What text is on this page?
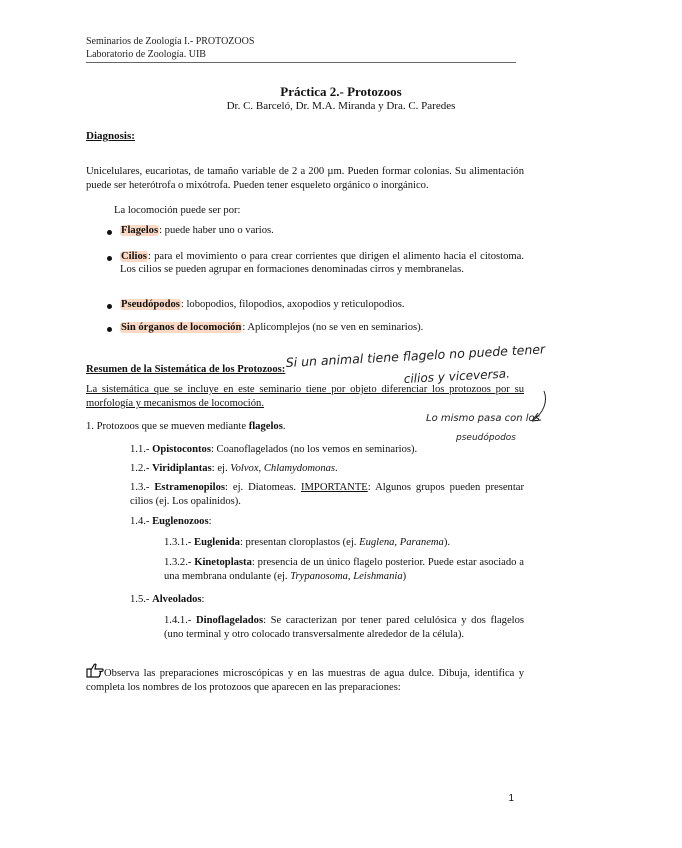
Seminarios de Zoología I.- PROTOZOOS
Laboratorio de Zoología. UIB
Práctica 2.- Protozoos
Dr. C. Barceló, Dr. M.A. Miranda y Dra. C. Paredes
Diagnosis:
Unicelulares, eucariotas, de tamaño variable de 2 a 200 µm. Pueden formar colonias. Su alimentación puede ser heterótrofa o mixótrofa. Pueden tener esqueleto orgánico o inorgánico.
La locomoción puede ser por:
Flagelos: puede haber uno o varios.
Cilios: para el movimiento o para crear corrientes que dirigen el alimento hacia el citostoma. Los cilios se pueden agrupar en formaciones denominadas cirros y membranelas.
Pseudópodos: lobopodios, filopodios, axopodios y reticulopodios.
Sin órganos de locomoción: Aplicomplejos (no se ven en seminarios).
Resumen de la Sistemática de los Protozoos: Si un animal tiene flagelo no puede tener
cilios y viceversa.
Lo mismo pasa con los
pseudópodos
La sistemática que se incluye en este seminario tiene por objeto diferenciar los protozoos por su morfología y mecanismos de locomoción.
1. Protozoos que se mueven mediante flagelos.
1.1.- Opistocontos: Coanoflagelados (no los vemos en seminarios).
1.2.- Viridiplantas: ej. Volvox, Chlamydomonas.
1.3.- Estramenopilos: ej. Diatomeas. IMPORTANTE: Algunos grupos pueden presentar cilios (ej. Los opalínidos).
1.4.- Euglenozoos:
1.3.1.- Euglenida: presentan cloroplastos (ej. Euglena, Paranema).
1.3.2.- Kinetoplasta: presencia de un único flagelo posterior. Puede estar asociado a una membrana ondulante (ej. Trypanosoma, Leishmania)
1.5.- Alveolados:
1.4.1.- Dinoflagelados: Se caracterizan por tener pared celulósica y dos flagelos (uno terminal y otro colocado transversalmente alrededor de la célula).
Observa las preparaciones microscópicas y en las muestras de agua dulce. Dibuja, identifica y completa los nombres de los protozoos que aparecen en las preparaciones:
1
